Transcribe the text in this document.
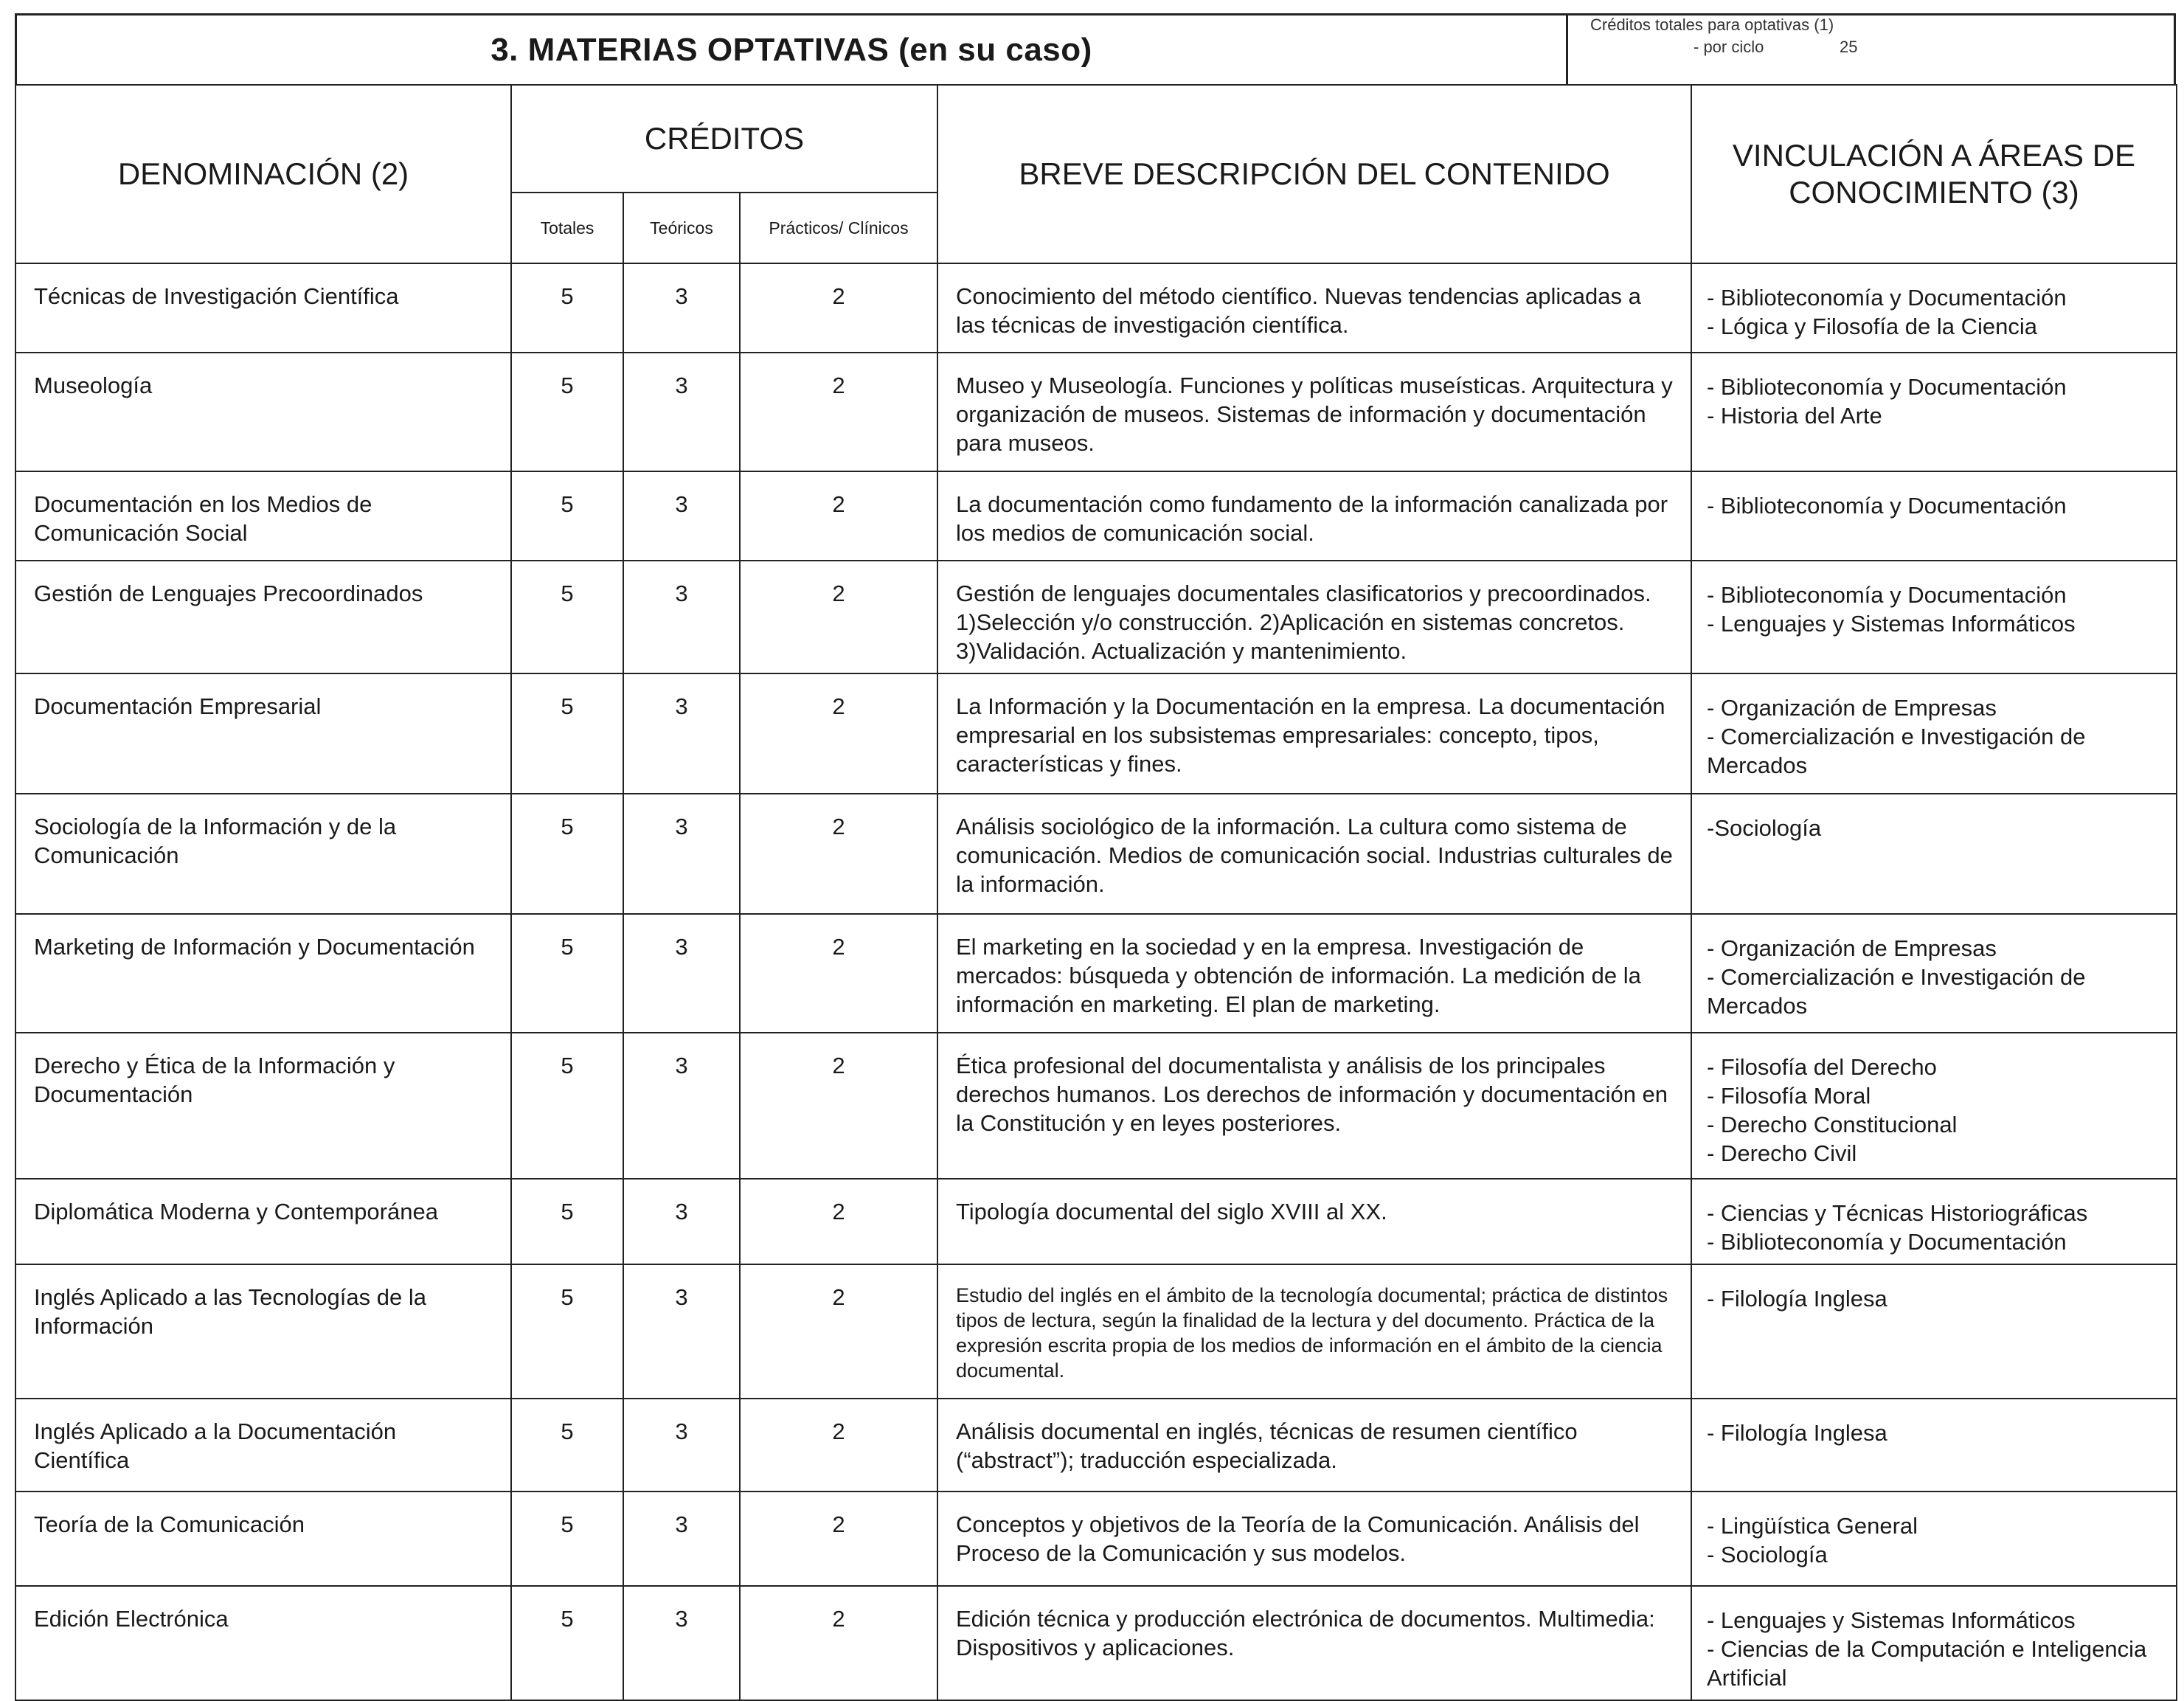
3. MATERIAS OPTATIVAS (en su caso)
Créditos totales para optativas (1)
- por ciclo	25
DENOMINACIÓN (2)	CRÉDITOS			BREVE DESCRIPCIÓN DEL CONTENIDO	VINCULACIÓN A ÁREAS DE CONOCIMIENTO (3)
	Totales	Teóricos	Prácticos/ Clínicos		
Técnicas de Investigación Científica	5	3	2	Conocimiento del método científico. Nuevas tendencias aplicadas a las técnicas de investigación científica.	- Biblioteconomía y Documentación
- Lógica y Filosofía de la Ciencia

Museología	5	3	2	Museo y Museología. Funciones y políticas museísticas. Arquitectura y organización de museos. Sistemas de información y documentación para museos.	- Biblioteconomía y Documentación
- Historia del Arte

Documentación en los Medios de Comunicación Social	5	3	2	La documentación como fundamento de la información canalizada por los medios de comunicación social.	- Biblioteconomía y Documentación

Gestión de Lenguajes Precoordinados	5	3	2	Gestión de lenguajes documentales clasificatorios y precoordinados. 1)Selección y/o construcción. 2)Aplicación en sistemas concretos. 3)Validación. Actualización y mantenimiento.	- Biblioteconomía y Documentación
- Lenguajes y Sistemas Informáticos

Documentación Empresarial	5	3	2	La Información y la Documentación en la empresa. La documentación empresarial en los subsistemas empresariales: concepto, tipos, características y fines.	- Organización de Empresas
- Comercialización e Investigación de Mercados

Sociología de la Información y de la Comunicación	5	3	2	Análisis sociológico de la información. La cultura como sistema de comunicación. Medios de comunicación social. Industrias culturales de la información.	-Sociología

Marketing de Información y Documentación	5	3	2	El marketing en la sociedad y en la empresa. Investigación de mercados: búsqueda y obtención de información. La medición de la información en marketing. El plan de marketing.	- Organización de Empresas
- Comercialización e Investigación de Mercados

Derecho y Ética de la Información y Documentación	5	3	2	Ética profesional del documentalista y análisis de los principales derechos humanos. Los derechos de información y documentación en la Constitución y en leyes posteriores.	- Filosofía del Derecho
- Filosofía Moral
- Derecho Constitucional
- Derecho Civil

Diplomática Moderna y Contemporánea	5	3	2	Tipología documental del siglo XVIII al XX.	- Ciencias y Técnicas Historiográficas
- Biblioteconomía y Documentación

Inglés Aplicado a las Tecnologías de la Información	5	3	2	Estudio del inglés en el ámbito de la tecnología documental; práctica de distintos tipos de lectura, según la finalidad de la lectura y del documento. Práctica de la expresión escrita propia de los medios de información en el ámbito de la ciencia documental.	- Filología Inglesa

Inglés Aplicado a la Documentación Científica	5	3	2	Análisis documental en inglés, técnicas de resumen científico (“abstract”); traducción especializada.	- Filología Inglesa

Teoría de la Comunicación	5	3	2	Conceptos y objetivos de la Teoría de la Comunicación. Análisis del Proceso de la Comunicación y sus modelos.	- Lingüística General
- Sociología

Edición Electrónica	5	3	2	Edición técnica y producción electrónica de documentos. Multimedia: Dispositivos y aplicaciones.	- Lenguajes y Sistemas Informáticos
- Ciencias de la Computación e Inteligencia Artificial
